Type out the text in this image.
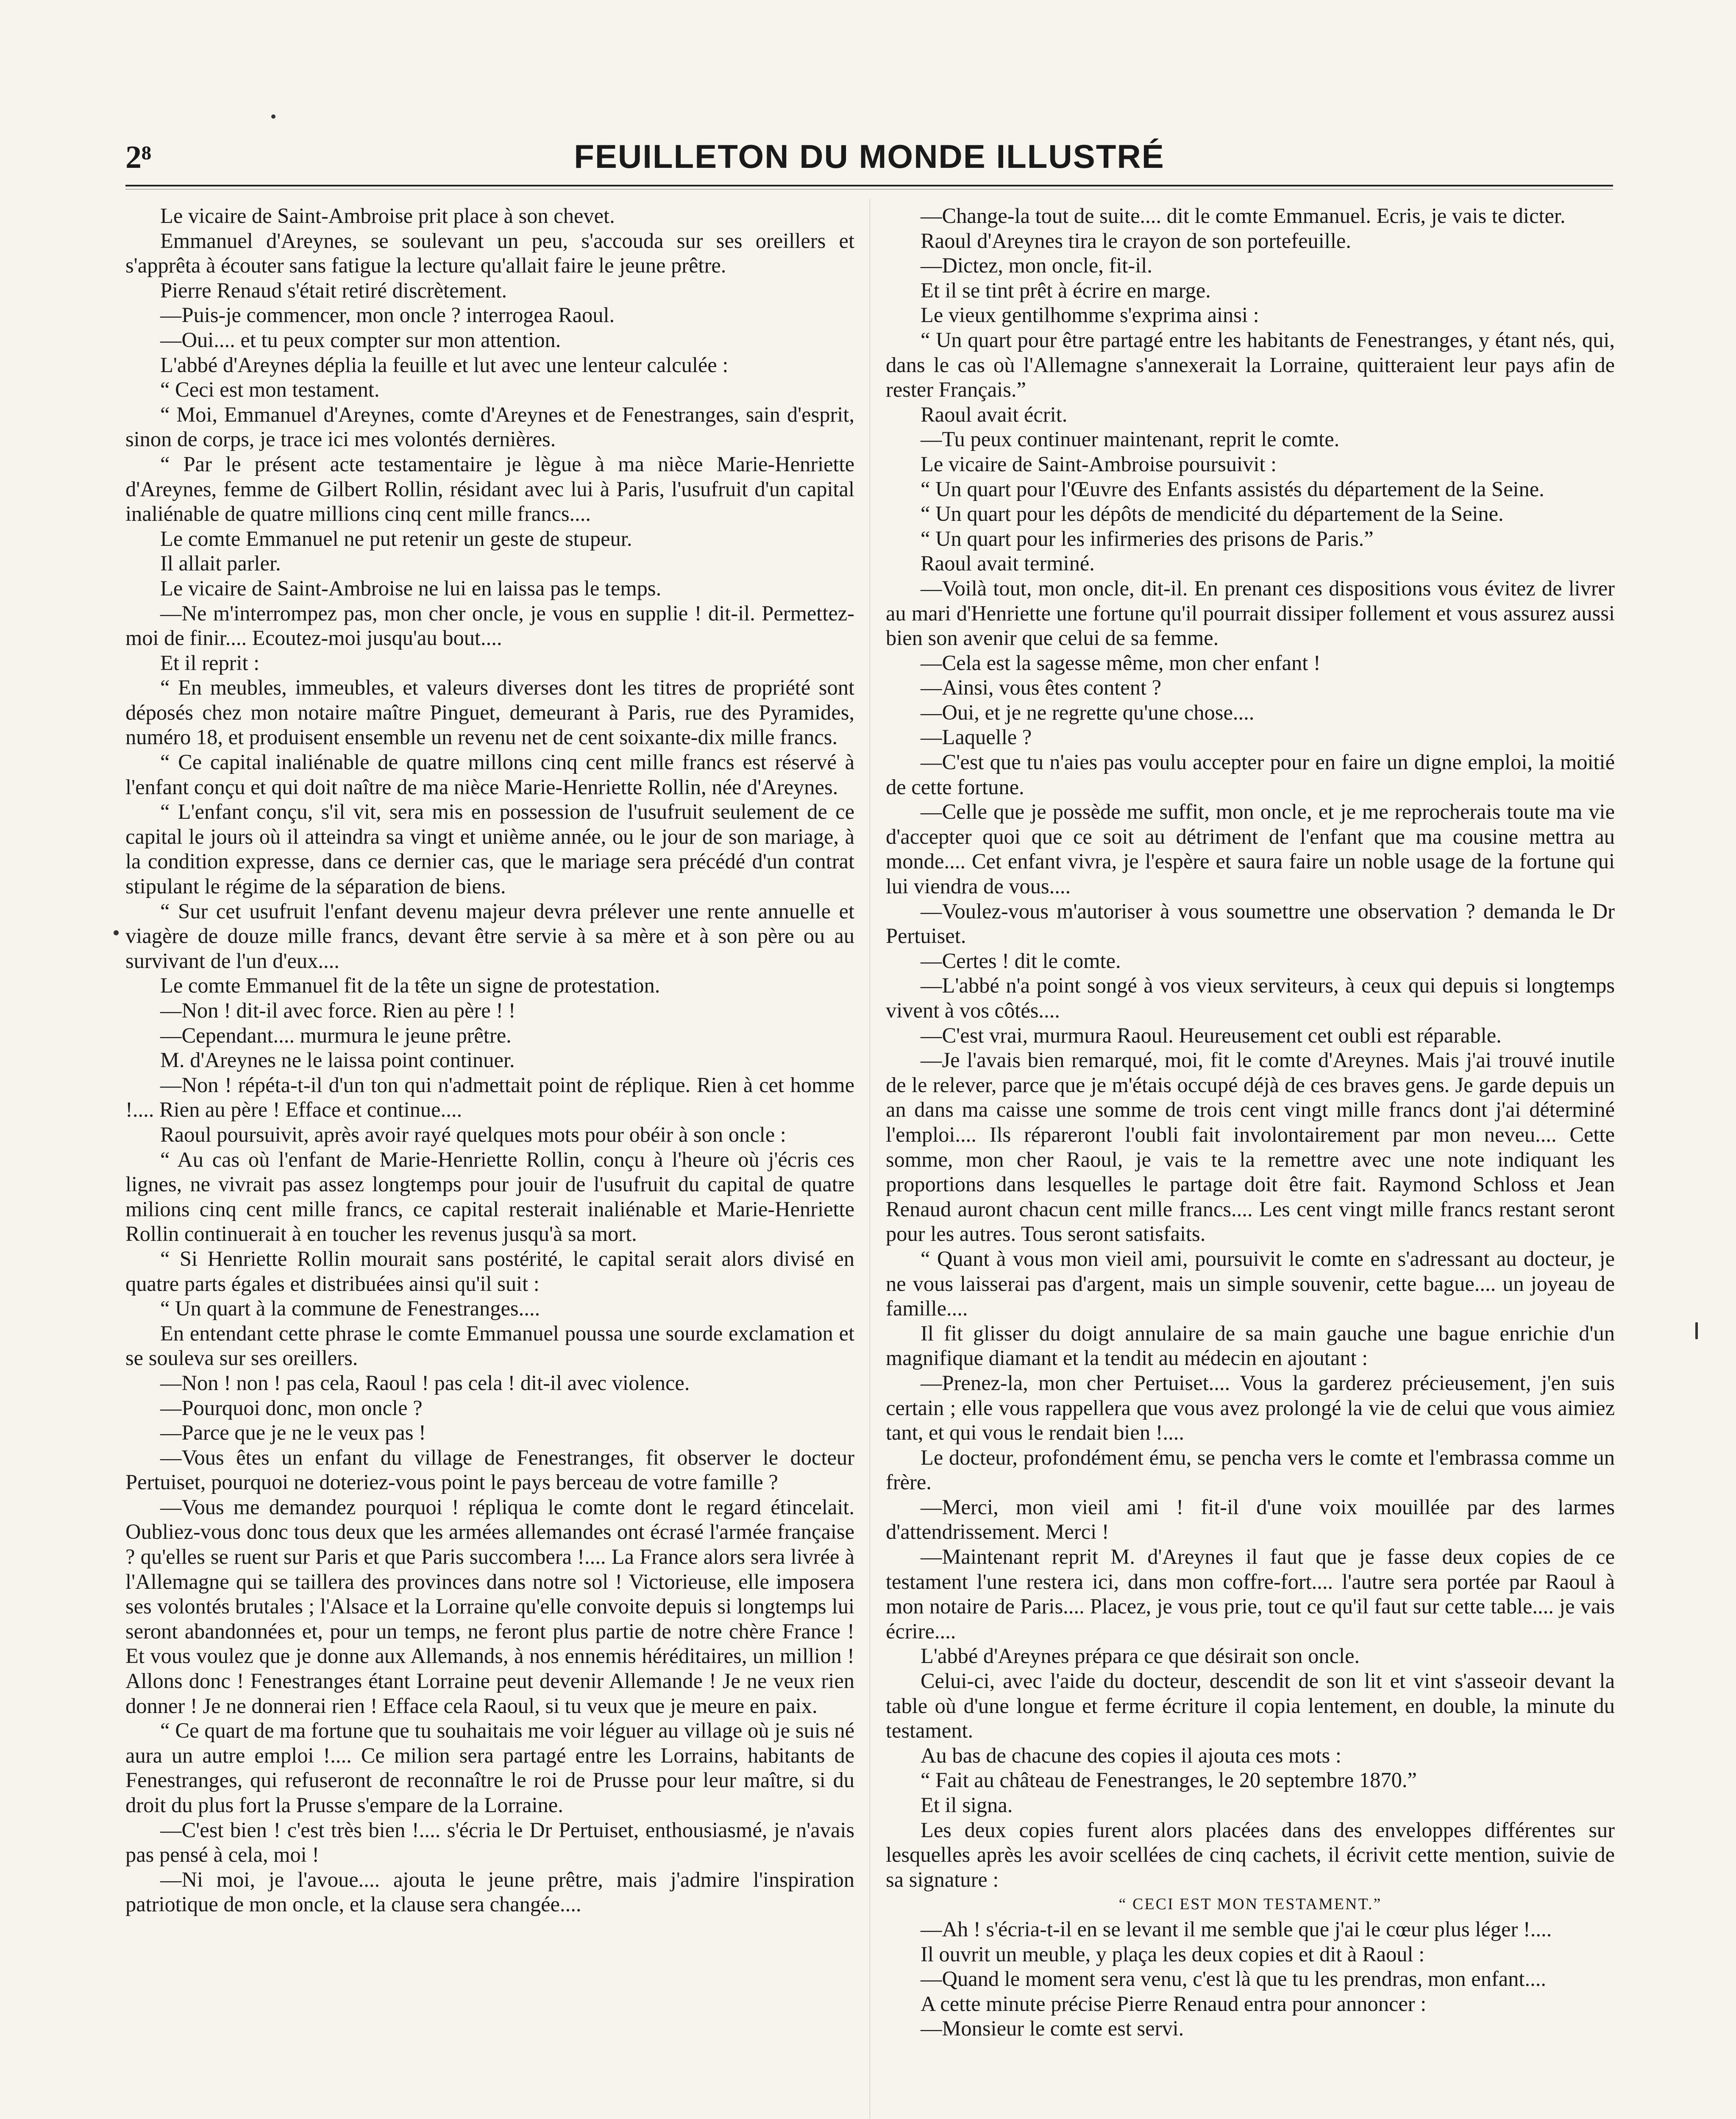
2⁸	FEUILLETON DU MONDE ILLUSTRÉ

Le vicaire de Saint-Ambroise prit place à son chevet.

Emmanuel d'Areynes, se soulevant un peu, s'accouda sur ses oreillers et s'apprêta à écouter sans fatigue la lecture qu'allait faire le jeune prêtre.

Pierre Renaud s'était retiré discrètement.

—Puis-je commencer, mon oncle ? interrogea Raoul.

—Oui.... et tu peux compter sur mon attention.

L'abbé d'Areynes déplia la feuille et lut avec une lenteur calculée :

“ Ceci est mon testament.

“ Moi, Emmanuel d'Areynes, comte d'Areynes et de Fenestranges, sain d'esprit, sinon de corps, je trace ici mes volontés dernières.

“ Par le présent acte testamentaire je lègue à ma nièce Marie-Henriette d'Areynes, femme de Gilbert Rollin, résidant avec lui à Paris, l'usufruit d'un capital inaliénable de quatre millions cinq cent mille francs....

Le comte Emmanuel ne put retenir un geste de stupeur.

Il allait parler.

Le vicaire de Saint-Ambroise ne lui en laissa pas le temps.

—Ne m'interrompez pas, mon cher oncle, je vous en supplie ! dit-il. Permettez-moi de finir.... Ecoutez-moi jusqu'au bout....

Et il reprit :

“ En meubles, immeubles, et valeurs diverses dont les titres de propriété sont déposés chez mon notaire maître Pinguet, demeurant à Paris, rue des Pyramides, numéro 18, et produisent ensemble un revenu net de cent soixante-dix mille francs.

“ Ce capital inaliénable de quatre millons cinq cent mille francs est réservé à l'enfant conçu et qui doit naître de ma nièce Marie-Henriette Rollin, née d'Areynes.

“ L'enfant conçu, s'il vit, sera mis en possession de l'usufruit seulement de ce capital le jours où il atteindra sa vingt et unième année, ou le jour de son mariage, à la condition expresse, dans ce dernier cas, que le mariage sera précédé d'un contrat stipulant le régime de la séparation de biens.

“ Sur cet usufruit l'enfant devenu majeur devra prélever une rente annuelle et viagère de douze mille francs, devant être servie à sa mère et à son père ou au survivant de l'un d'eux....

Le comte Emmanuel fit de la tête un signe de protestation.

—Non ! dit-il avec force. Rien au père ! !

—Cependant.... murmura le jeune prêtre.

M. d'Areynes ne le laissa point continuer.

—Non ! répéta-t-il d'un ton qui n'admettait point de réplique. Rien à cet homme !.... Rien au père ! Efface et continue....

Raoul poursuivit, après avoir rayé quelques mots pour obéir à son oncle :

“ Au cas où l'enfant de Marie-Henriette Rollin, conçu à l'heure où j'écris ces lignes, ne vivrait pas assez longtemps pour jouir de l'usufruit du capital de quatre milions cinq cent mille francs, ce capital resterait inaliénable et Marie-Henriette Rollin continuerait à en toucher les revenus jusqu'à sa mort.

“ Si Henriette Rollin mourait sans postérité, le capital serait alors divisé en quatre parts égales et distribuées ainsi qu'il suit :

“ Un quart à la commune de Fenestranges....

En entendant cette phrase le comte Emmanuel poussa une sourde exclamation et se souleva sur ses oreillers.

—Non ! non ! pas cela, Raoul ! pas cela ! dit-il avec violence.

—Pourquoi donc, mon oncle ?

—Parce que je ne le veux pas !

—Vous êtes un enfant du village de Fenestranges, fit observer le docteur Pertuiset, pourquoi ne doteriez-vous point le pays berceau de votre famille ?

—Vous me demandez pourquoi ! répliqua le comte dont le regard étincelait. Oubliez-vous donc tous deux que les armées allemandes ont écrasé l'armée française ? qu'elles se ruent sur Paris et que Paris succombera !.... La France alors sera livrée à l'Allemagne qui se taillera des provinces dans notre sol ! Victorieuse, elle imposera ses volontés brutales ; l'Alsace et la Lorraine qu'elle convoite depuis si longtemps lui seront abandonnées et, pour un temps, ne feront plus partie de notre chère France ! Et vous voulez que je donne aux Allemands, à nos ennemis héréditaires, un million ! Allons donc ! Fenestranges étant Lorraine peut devenir Allemande ! Je ne veux rien donner ! Je ne donnerai rien ! Efface cela Raoul, si tu veux que je meure en paix.

“ Ce quart de ma fortune que tu souhaitais me voir léguer au village où je suis né aura un autre emploi !.... Ce milion sera partagé entre les Lorrains, habitants de Fenestranges, qui refuseront de reconnaître le roi de Prusse pour leur maître, si du droit du plus fort la Prusse s'empare de la Lorraine.

—C'est bien ! c'est très bien !.... s'écria le Dr Pertuiset, enthousiasmé, je n'avais pas pensé à cela, moi !

—Ni moi, je l'avoue.... ajouta le jeune prêtre, mais j'admire l'inspiration patriotique de mon oncle, et la clause sera changée....

—Change-la tout de suite.... dit le comte Emmanuel. Ecris, je vais te dicter.

Raoul d'Areynes tira le crayon de son portefeuille.

—Dictez, mon oncle, fit-il.

Et il se tint prêt à écrire en marge.

Le vieux gentilhomme s'exprima ainsi :

“ Un quart pour être partagé entre les habitants de Fenestranges, y étant nés, qui, dans le cas où l'Allemagne s'annexerait la Lorraine, quitteraient leur pays afin de rester Français.”

Raoul avait écrit.

—Tu peux continuer maintenant, reprit le comte.

Le vicaire de Saint-Ambroise poursuivit :

“ Un quart pour l'Œuvre des Enfants assistés du département de la Seine.

“ Un quart pour les dépôts de mendicité du département de la Seine.

“ Un quart pour les infirmeries des prisons de Paris.”

Raoul avait terminé.

—Voilà tout, mon oncle, dit-il. En prenant ces dispositions vous évitez de livrer au mari d'Henriette une fortune qu'il pourrait dissiper follement et vous assurez aussi bien son avenir que celui de sa femme.

—Cela est la sagesse même, mon cher enfant !

—Ainsi, vous êtes content ?

—Oui, et je ne regrette qu'une chose....

—Laquelle ?

—C'est que tu n'aies pas voulu accepter pour en faire un digne emploi, la moitié de cette fortune.

—Celle que je possède me suffit, mon oncle, et je me reprocherais toute ma vie d'accepter quoi que ce soit au détriment de l'enfant que ma cousine mettra au monde.... Cet enfant vivra, je l'espère et saura faire un noble usage de la fortune qui lui viendra de vous....

—Voulez-vous m'autoriser à vous soumettre une observation ? demanda le Dr Pertuiset.

—Certes ! dit le comte.

—L'abbé n'a point songé à vos vieux serviteurs, à ceux qui depuis si longtemps vivent à vos côtés....

—C'est vrai, murmura Raoul. Heureusement cet oubli est réparable.

—Je l'avais bien remarqué, moi, fit le comte d'Areynes. Mais j'ai trouvé inutile de le relever, parce que je m'étais occupé déjà de ces braves gens. Je garde depuis un an dans ma caisse une somme de trois cent vingt mille francs dont j'ai déterminé l'emploi.... Ils répareront l'oubli fait involontairement par mon neveu.... Cette somme, mon cher Raoul, je vais te la remettre avec une note indiquant les proportions dans lesquelles le partage doit être fait. Raymond Schloss et Jean Renaud auront chacun cent mille francs.... Les cent vingt mille francs restant seront pour les autres. Tous seront satisfaits.

“ Quant à vous mon vieil ami, poursuivit le comte en s'adressant au docteur, je ne vous laisserai pas d'argent, mais un simple souvenir, cette bague.... un joyeau de famille....

Il fit glisser du doigt annulaire de sa main gauche une bague enrichie d'un magnifique diamant et la tendit au médecin en ajoutant :

—Prenez-la, mon cher Pertuiset.... Vous la garderez précieusement, j'en suis certain ; elle vous rappellera que vous avez prolongé la vie de celui que vous aimiez tant, et qui vous le rendait bien !....

Le docteur, profondément ému, se pencha vers le comte et l'embrassa comme un frère.

—Merci, mon vieil ami ! fit-il d'une voix mouillée par des larmes d'attendrissement. Merci !

—Maintenant reprit M. d'Areynes il faut que je fasse deux copies de ce testament l'une restera ici, dans mon coffre-fort.... l'autre sera portée par Raoul à mon notaire de Paris.... Placez, je vous prie, tout ce qu'il faut sur cette table.... je vais écrire....

L'abbé d'Areynes prépara ce que désirait son oncle.

Celui-ci, avec l'aide du docteur, descendit de son lit et vint s'asseoir devant la table où d'une longue et ferme écriture il copia lentement, en double, la minute du testament.

Au bas de chacune des copies il ajouta ces mots :

“ Fait au château de Fenestranges, le 20 septembre 1870.”

Et il signa.

Les deux copies furent alors placées dans des enveloppes différentes sur lesquelles après les avoir scellées de cinq cachets, il écrivit cette mention, suivie de sa signature :

“ CECI EST MON TESTAMENT.”

—Ah ! s'écria-t-il en se levant il me semble que j'ai le cœur plus léger !....

Il ouvrit un meuble, y plaça les deux copies et dit à Raoul :

—Quand le moment sera venu, c'est là que tu les prendras, mon enfant....

A cette minute précise Pierre Renaud entra pour annoncer :

—Monsieur le comte est servi.
